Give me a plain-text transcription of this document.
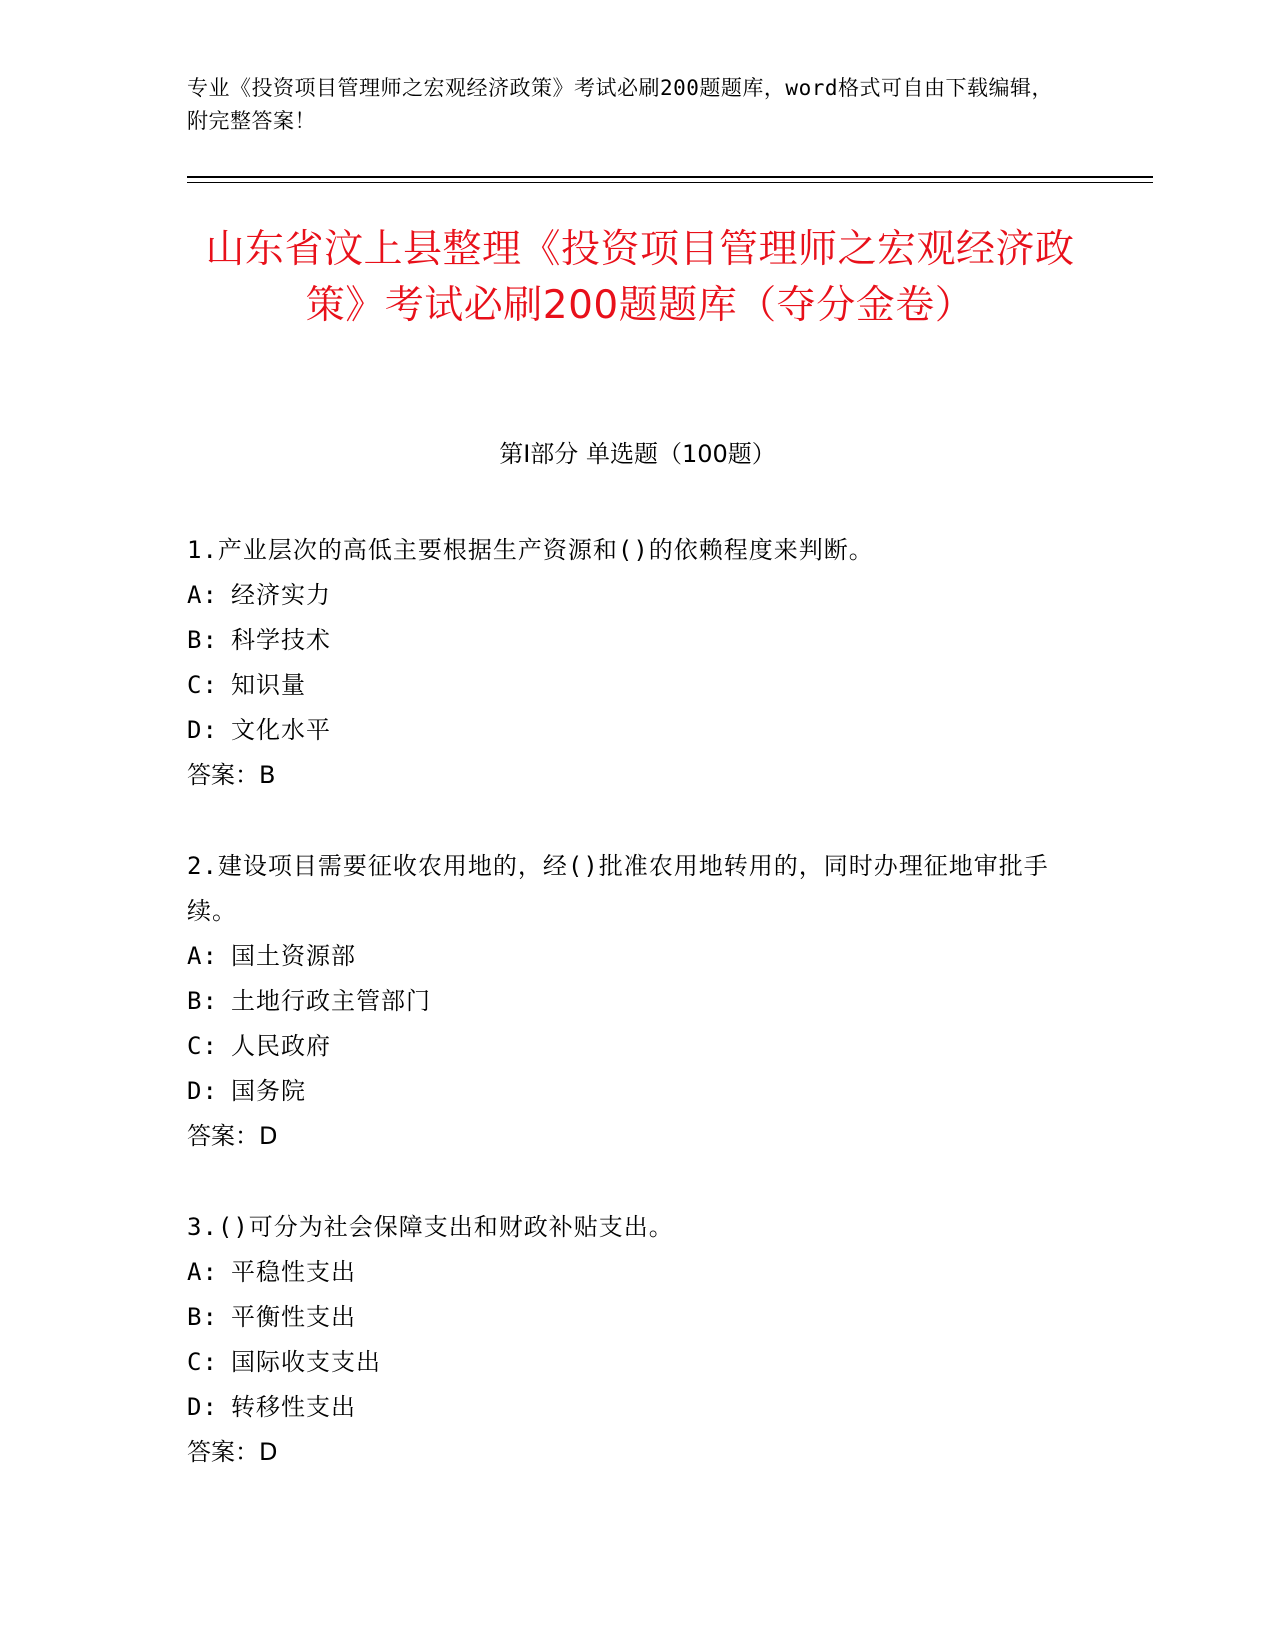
专业《投资项目管理师之宏观经济政策》考试必刷200题题库，word格式可自由下载编辑，附完整答案！
山东省汶上县整理《投资项目管理师之宏观经济政策》考试必刷200题题库（夺分金卷）
第Ⅰ部分 单选题（100题）
1.产业层次的高低主要根据生产资源和()的依赖程度来判断。
A: 经济实力
B: 科学技术
C: 知识量
D: 文化水平
答案：B
2.建设项目需要征收农用地的，经()批准农用地转用的，同时办理征地审批手续。
A: 国土资源部
B: 土地行政主管部门
C: 人民政府
D: 国务院
答案：D
3.()可分为社会保障支出和财政补贴支出。
A: 平稳性支出
B: 平衡性支出
C: 国际收支支出
D: 转移性支出
答案：D
